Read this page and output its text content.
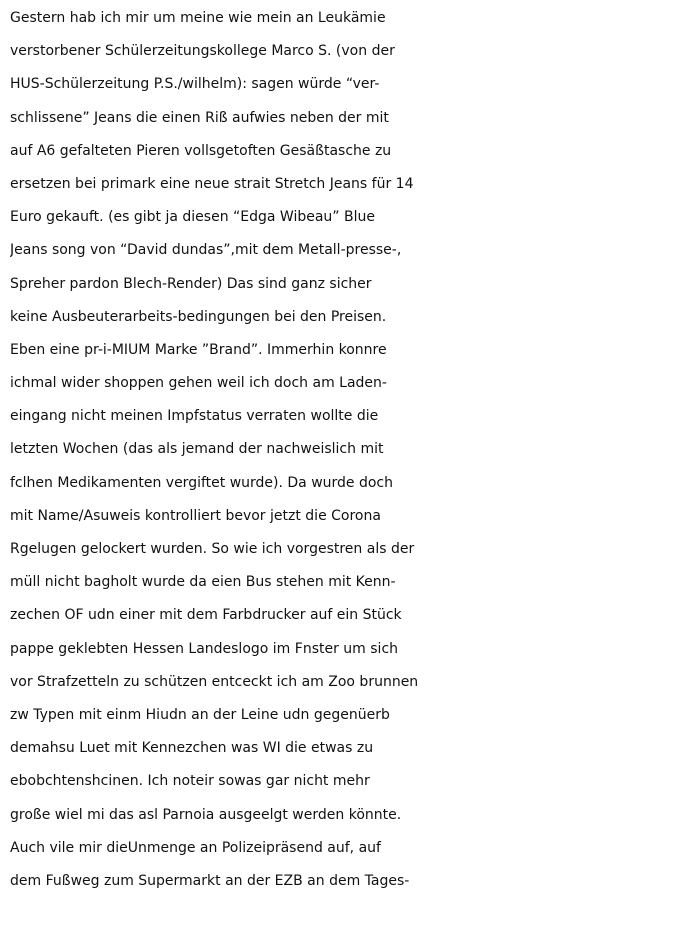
Gestern hab ich mir um meine wie mein an Leukämie
verstorbener Schülerzeitungskollege Marco S. (von der
HUS-Schülerzeitung P.S./wilhelm): sagen würde “ver-
schlissene” Jeans die einen Riß aufwies neben der mit
auf A6 gefalteten Pieren vollsgetoften Gesäßtasche zu
ersetzen bei primark eine neue strait Stretch Jeans für 14
Euro gekauft. (es gibt ja diesen “Edga Wibeau” Blue
Jeans song von “David dundas”,mit dem Metall-presse-,
Spreher pardon Blech-Render) Das sind ganz sicher
keine Ausbeuterarbeits-bedingungen bei den Preisen.
Eben eine pr-i-MIUM Marke ”Brand”. Immerhin konnre
ichmal wider shoppen gehen weil ich doch am Laden-
eingang nicht meinen Impfstatus verraten wollte die
letzten Wochen (das als jemand der nachweislich mit
fclhen Medikamenten vergiftet wurde). Da wurde doch
mit Name/Asuweis kontrolliert bevor jetzt die Corona
Rgelugen gelockert wurden. So wie ich vorgestren als der
müll nicht bagholt wurde da eien Bus stehen mit Kenn-
zechen OF udn einer mit dem Farbdrucker auf ein Stück
pappe geklebten Hessen Landeslogo im Fnster um sich
vor Strafzetteln zu schützen entceckt ich am Zoo brunnen
zw Typen mit einm Hiudn an der Leine udn gegenüerb
demahsu Luet mit Kennezchen was WI die etwas zu
ebobchtenshcinen. Ich noteir sowas gar nicht mehr
große wiel mi das asl Parnoia ausgeelgt werden könnte.
Auch vile mir dieUnmenge an Polizeipräsend auf, auf
dem Fußweg zum Supermarkt an der EZB an dem Tages-
